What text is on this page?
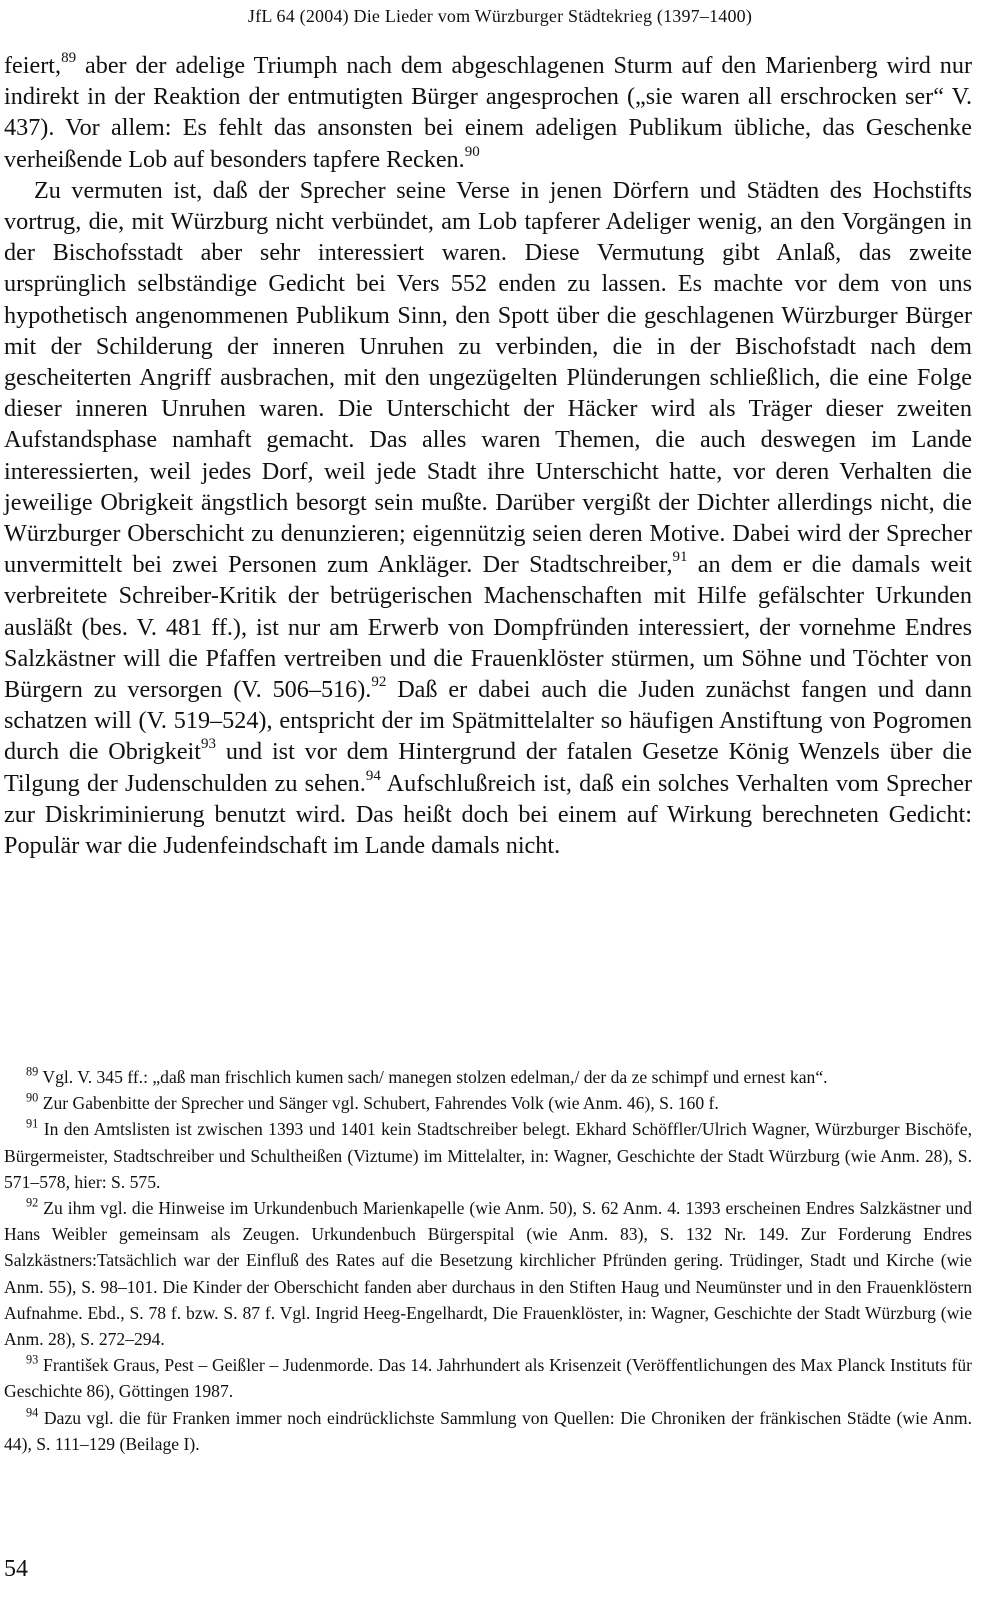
JfL 64 (2004) Die Lieder vom Würzburger Städtekrieg (1397–1400)

feiert,$^{89}$ aber der adelige Triumph nach dem abgeschlagenen Sturm auf den Marienberg wird nur indirekt in der Reaktion der entmutigten Bürger angesprochen („sie waren all erschrocken ser“ V. 437). Vor allem: Es fehlt das ansonsten bei einem adeligen Publikum übliche, das Geschenke verheißende Lob auf besonders tapfere Recken.$^{90}$

Zu vermuten ist, daß der Sprecher seine Verse in jenen Dörfern und Städten des Hochstifts vortrug, die, mit Würzburg nicht verbündet, am Lob tapferer Adeliger wenig, an den Vorgängen in der Bischofsstadt aber sehr interessiert waren. Diese Vermutung gibt Anlaß, das zweite ursprünglich selbständige Gedicht bei Vers 552 enden zu lassen. Es machte vor dem von uns hypothetisch angenommenen Publikum Sinn, den Spott über die geschlagenen Würzburger Bürger mit der Schilderung der inneren Unruhen zu verbinden, die in der Bischofstadt nach dem gescheiterten Angriff ausbrachen, mit den ungezügelten Plünderungen schließlich, die eine Folge dieser inneren Unruhen waren. Die Unterschicht der Häcker wird als Träger dieser zweiten Aufstandsphase namhaft gemacht. Das alles waren Themen, die auch deswegen im Lande interessierten, weil jedes Dorf, weil jede Stadt ihre Unterschicht hatte, vor deren Verhalten die jeweilige Obrigkeit ängstlich besorgt sein mußte. Darüber vergißt der Dichter allerdings nicht, die Würzburger Oberschicht zu denunzieren; eigennützig seien deren Motive. Dabei wird der Sprecher unvermittelt bei zwei Personen zum Ankläger. Der Stadtschreiber,$^{91}$ an dem er die damals weit verbreitete Schreiber-Kritik der betrügerischen Machenschaften mit Hilfe gefälschter Urkunden ausläßt (bes. V. 481 ff.), ist nur am Erwerb von Dompfründen interessiert, der vornehme Endres Salzkästner will die Pfaffen vertreiben und die Frauenklöster stürmen, um Söhne und Töchter von Bürgern zu versorgen (V. 506–516).$^{92}$ Daß er dabei auch die Juden zunächst fangen und dann schatzen will (V. 519–524), entspricht der im Spätmittelalter so häufigen Anstiftung von Pogromen durch die Obrigkeit$^{93}$ und ist vor dem Hintergrund der fatalen Gesetze König Wenzels über die Tilgung der Judenschulden zu sehen.$^{94}$ Aufschlußreich ist, daß ein solches Verhalten vom Sprecher zur Diskriminierung benutzt wird. Das heißt doch bei einem auf Wirkung berechneten Gedicht: Populär war die Judenfeindschaft im Lande damals nicht.

$^{89}$ Vgl. V. 345 ff.: „daß man frischlich kumen sach/ manegen stolzen edelman,/ der da ze schimpf und ernest kan“.

$^{90}$ Zur Gabenbitte der Sprecher und Sänger vgl. Schubert, Fahrendes Volk (wie Anm. 46), S. 160 f.

$^{91}$ In den Amtslisten ist zwischen 1393 und 1401 kein Stadtschreiber belegt. Ekhard Schöffler/Ulrich Wagner, Würzburger Bischöfe, Bürgermeister, Stadtschreiber und Schultheißen (Viztume) im Mittelalter, in: Wagner, Geschichte der Stadt Würzburg (wie Anm. 28), S. 571–578, hier: S. 575.

$^{92}$ Zu ihm vgl. die Hinweise im Urkundenbuch Marienkapelle (wie Anm. 50), S. 62 Anm. 4. 1393 erscheinen Endres Salzkästner und Hans Weibler gemeinsam als Zeugen. Urkundenbuch Bürgerspital (wie Anm. 83), S. 132 Nr. 149. Zur Forderung Endres Salzkästners:Tatsächlich war der Einfluß des Rates auf die Besetzung kirchlicher Pfründen gering. Trüdinger, Stadt und Kirche (wie Anm. 55), S. 98–101. Die Kinder der Oberschicht fanden aber durchaus in den Stiften Haug und Neumünster und in den Frauenklöstern Aufnahme. Ebd., S. 78 f. bzw. S. 87 f. Vgl. Ingrid Heeg-Engelhardt, Die Frauenklöster, in: Wagner, Geschichte der Stadt Würzburg (wie Anm. 28), S. 272–294.

$^{93}$ František Graus, Pest – Geißler – Judenmorde. Das 14. Jahrhundert als Krisenzeit (Veröffentlichungen des Max Planck Instituts für Geschichte 86), Göttingen 1987.

$^{94}$ Dazu vgl. die für Franken immer noch eindrücklichste Sammlung von Quellen: Die Chroniken der fränkischen Städte (wie Anm. 44), S. 111–129 (Beilage I).

54
